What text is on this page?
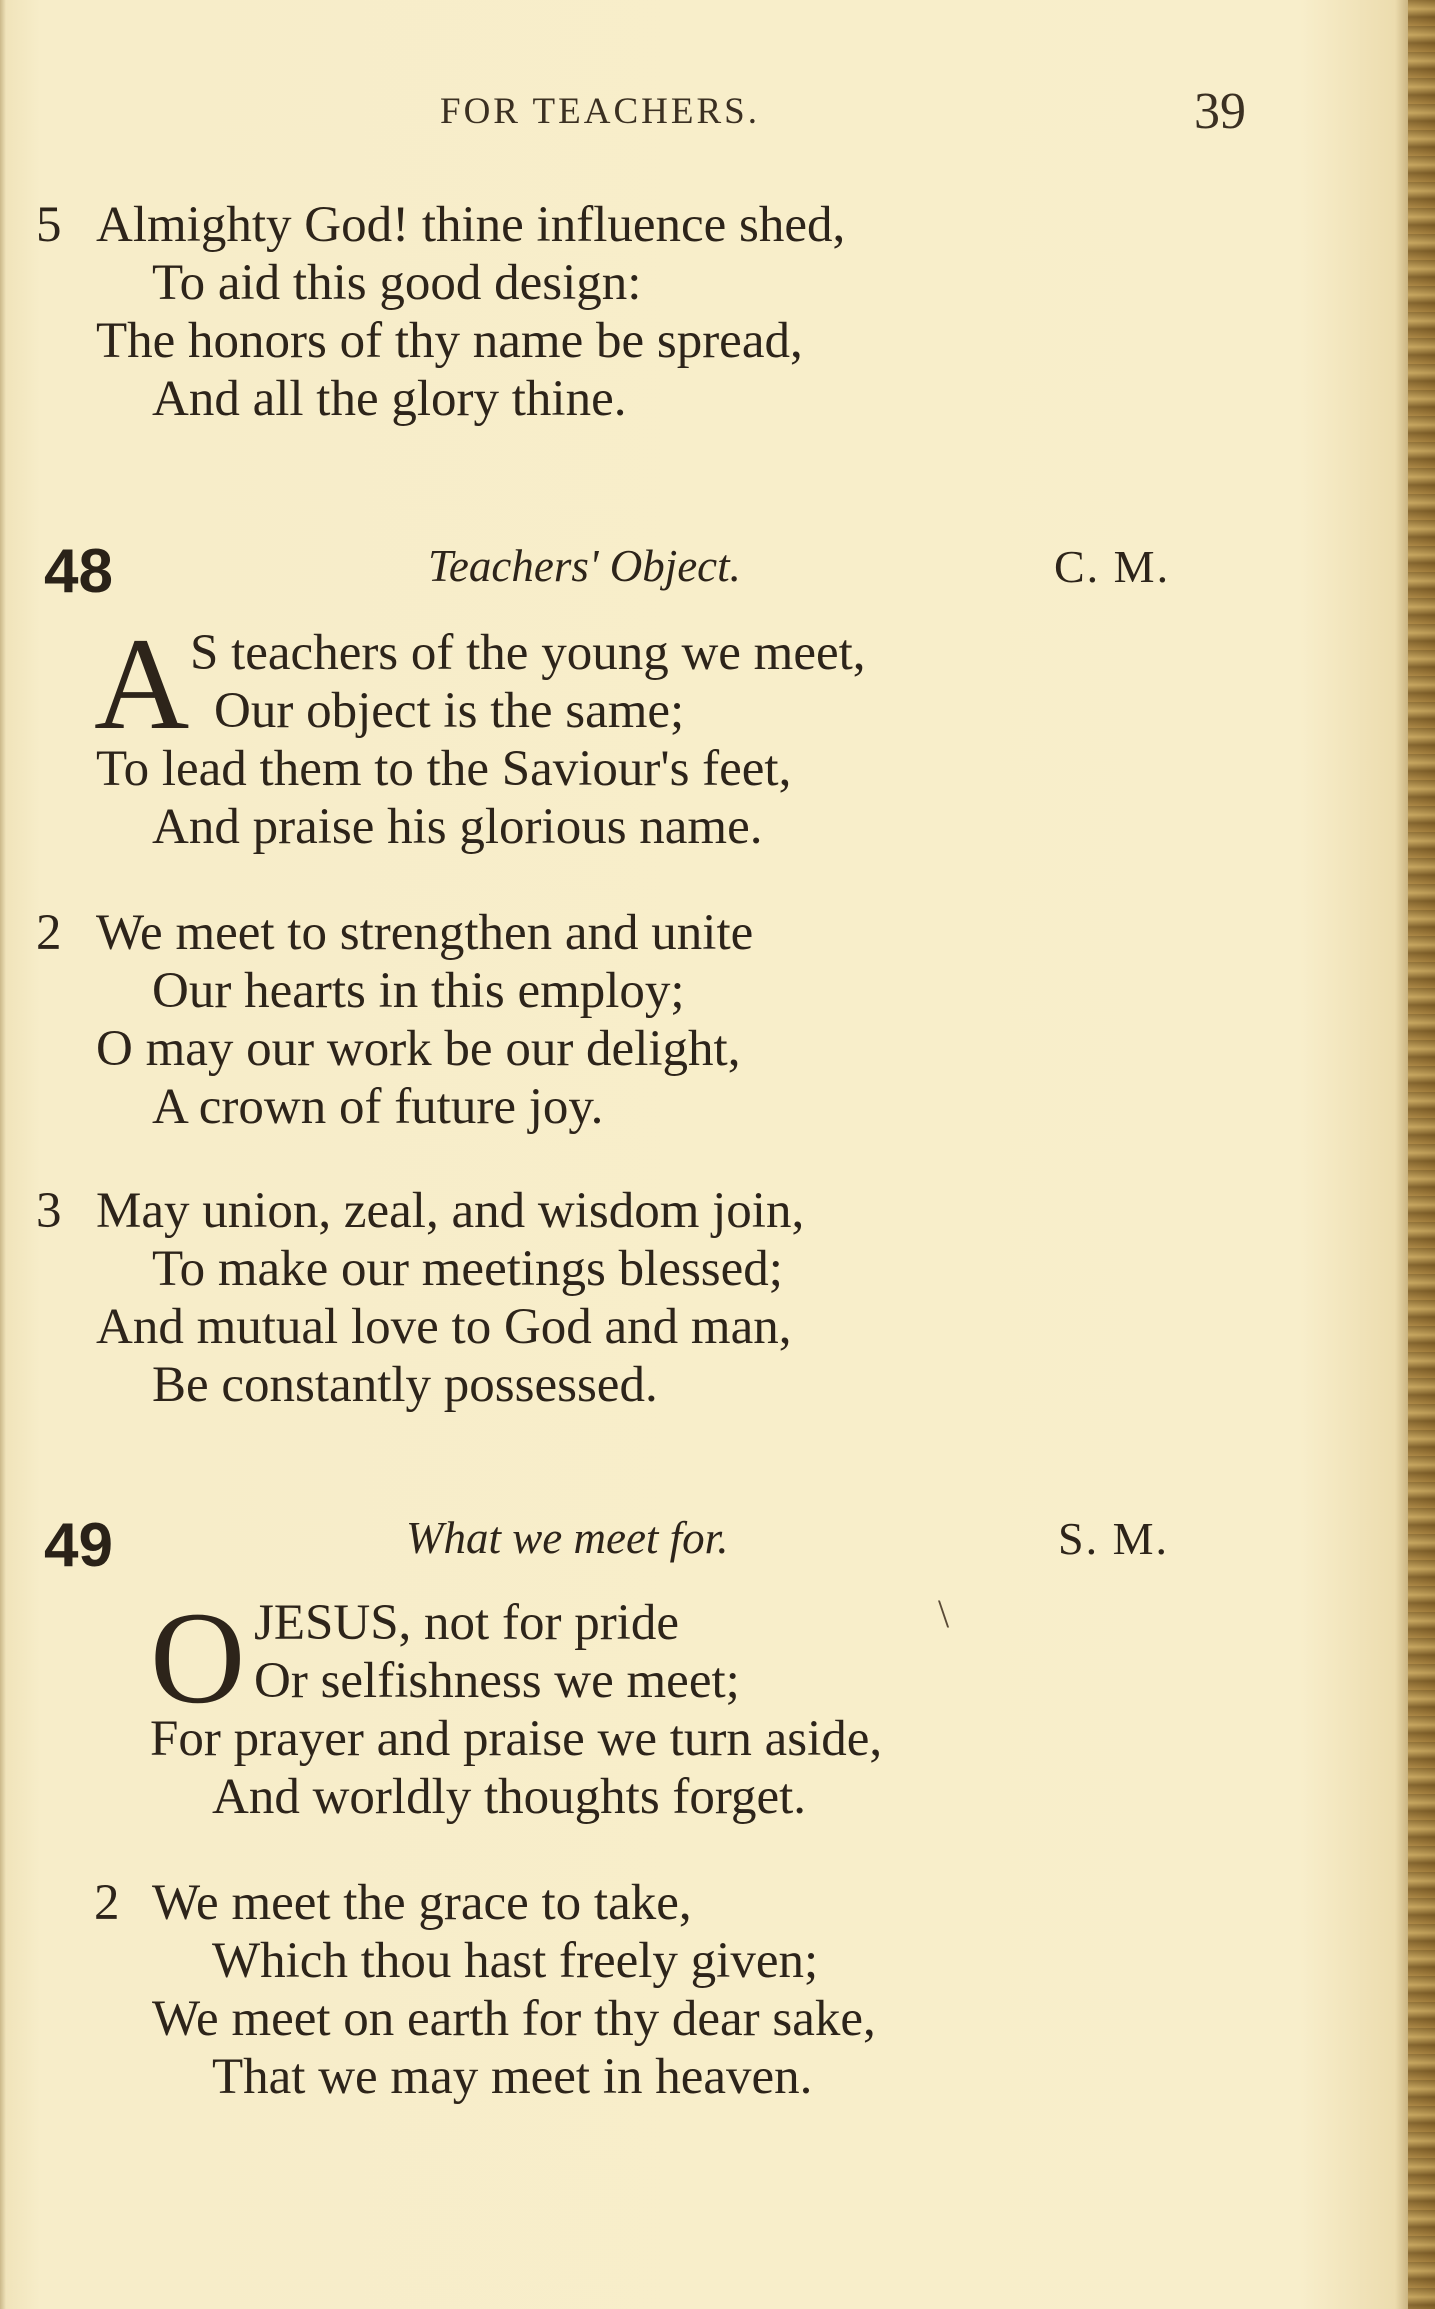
FOR TEACHERS.	39
5 Almighty God! thine influence shed,
To aid this good design:
The honors of thy name be spread,
And all the glory thine.
48	Teachers' Object.	C. M.
A S teachers of the young we meet,
Our object is the same;
To lead them to the Saviour's feet,
And praise his glorious name.
2 We meet to strengthen and unite
Our hearts in this employ;
O may our work be our delight,
A crown of future joy.
3 May union, zeal, and wisdom join,
To make our meetings blessed;
And mutual love to God and man,
Be constantly possessed.
49	What we meet for.	S. M.
O JESUS, not for pride
Or selfishness we meet;
For prayer and praise we turn aside,
And worldly thoughts forget.
\
2 We meet the grace to take,
Which thou hast freely given;
We meet on earth for thy dear sake,
That we may meet in heaven.
